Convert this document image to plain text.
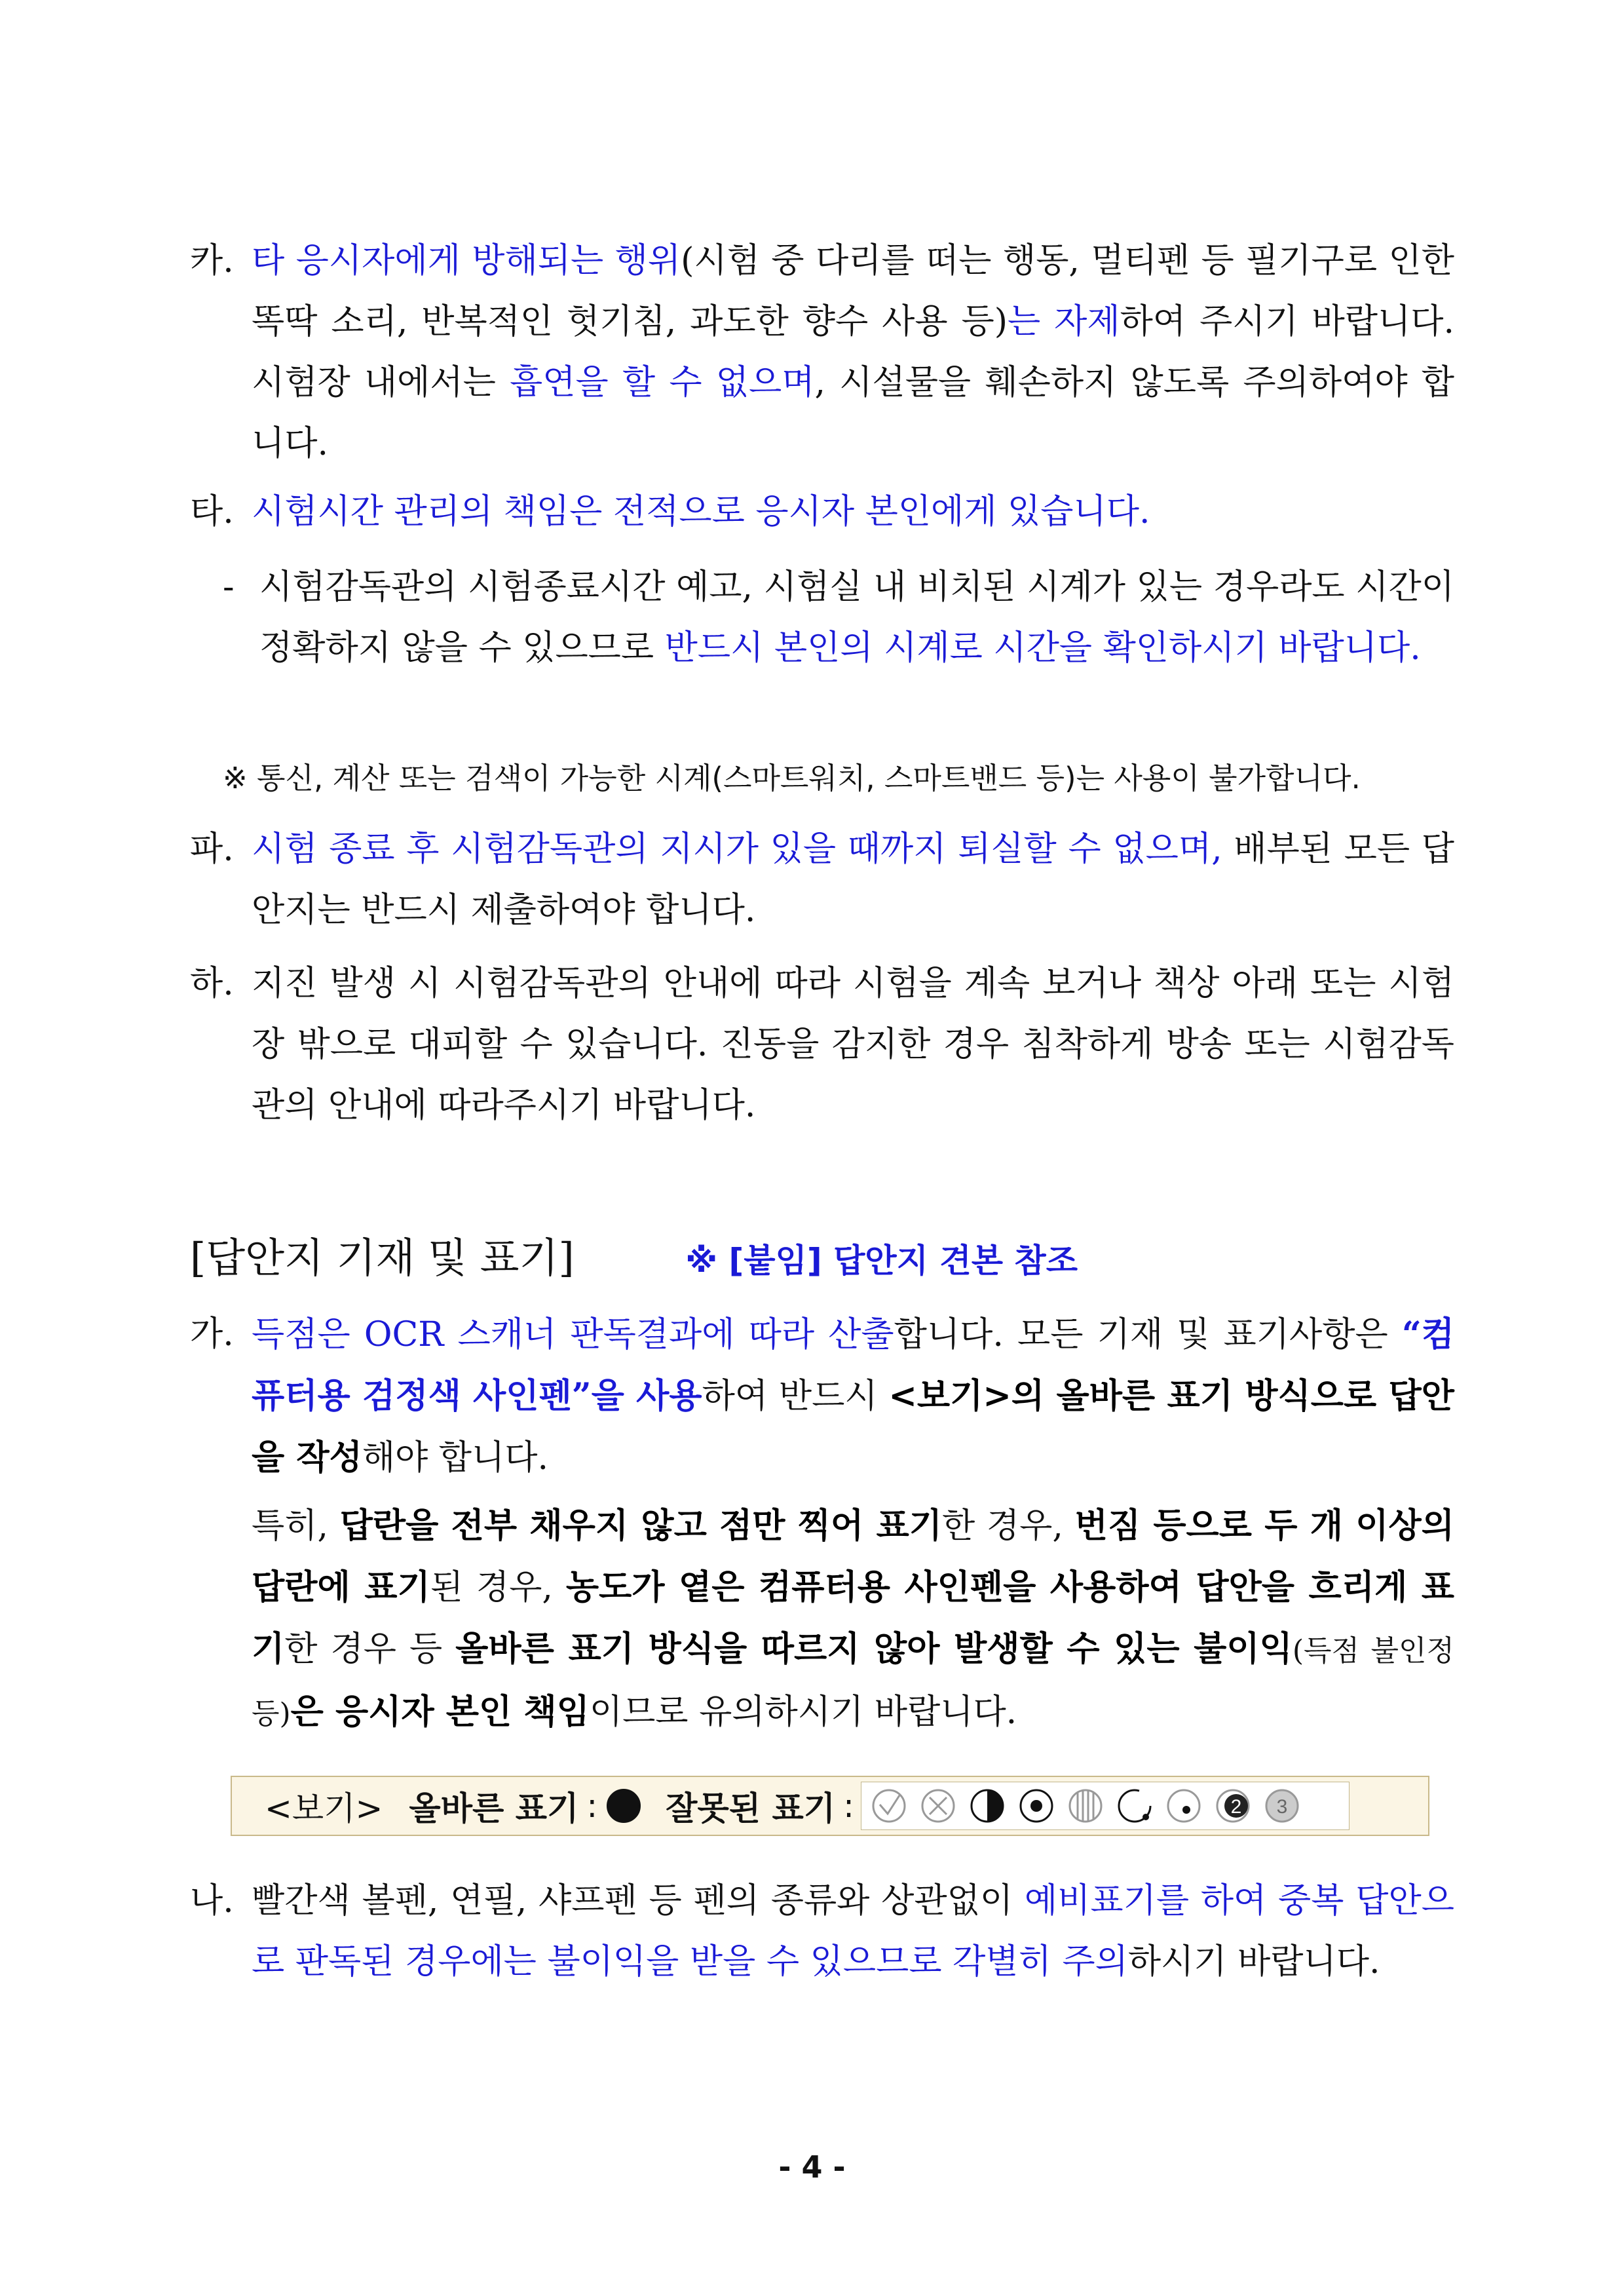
카. 타 응시자에게 방해되는 행위(시험 중 다리를 떠는 행동, 멀티펜 등 필기구로 인한 똑딱 소리, 반복적인 헛기침, 과도한 향수 사용 등)는 자제하여 주시기 바랍니다. 시험장 내에서는 흡연을 할 수 없으며, 시설물을 훼손하지 않도록 주의하여야 합니다.
타. 시험시간 관리의 책임은 전적으로 응시자 본인에게 있습니다.
- 시험감독관의 시험종료시간 예고, 시험실 내 비치된 시계가 있는 경우라도 시간이 정확하지 않을 수 있으므로 반드시 본인의 시계로 시간을 확인하시기 바랍니다.
※ 통신, 계산 또는 검색이 가능한 시계(스마트워치, 스마트밴드 등)는 사용이 불가합니다.
파. 시험 종료 후 시험감독관의 지시가 있을 때까지 퇴실할 수 없으며, 배부된 모든 답안지는 반드시 제출하여야 합니다.
하. 지진 발생 시 시험감독관의 안내에 따라 시험을 계속 보거나 책상 아래 또는 시험장 밖으로 대피할 수 있습니다. 진동을 감지한 경우 침착하게 방송 또는 시험감독관의 안내에 따라주시기 바랍니다.
[답안지 기재 및 표기]	※ [붙임] 답안지 견본 참조
가. 득점은 OCR 스캐너 판독결과에 따라 산출합니다. 모든 기재 및 표기사항은 “컴퓨터용 검정색 사인펜”을 사용하여 반드시 <보기>의 올바른 표기 방식으로 답안을 작성해야 합니다.
특히, 답란을 전부 채우지 않고 점만 찍어 표기한 경우, 번짐 등으로 두 개 이상의 답란에 표기된 경우, 농도가 옅은 컴퓨터용 사인펜을 사용하여 답안을 흐리게 표기한 경우 등 올바른 표기 방식을 따르지 않아 발생할 수 있는 불이익(득점 불인정 등)은 응시자 본인 책임이므로 유의하시기 바랍니다.
<보기> 올바른 표기 : 잘못된 표기 :	2 3
나. 빨간색 볼펜, 연필, 샤프펜 등 펜의 종류와 상관없이 예비표기를 하여 중복 답안으로 판독된 경우에는 불이익을 받을 수 있으므로 각별히 주의하시기 바랍니다.
- 4 -
